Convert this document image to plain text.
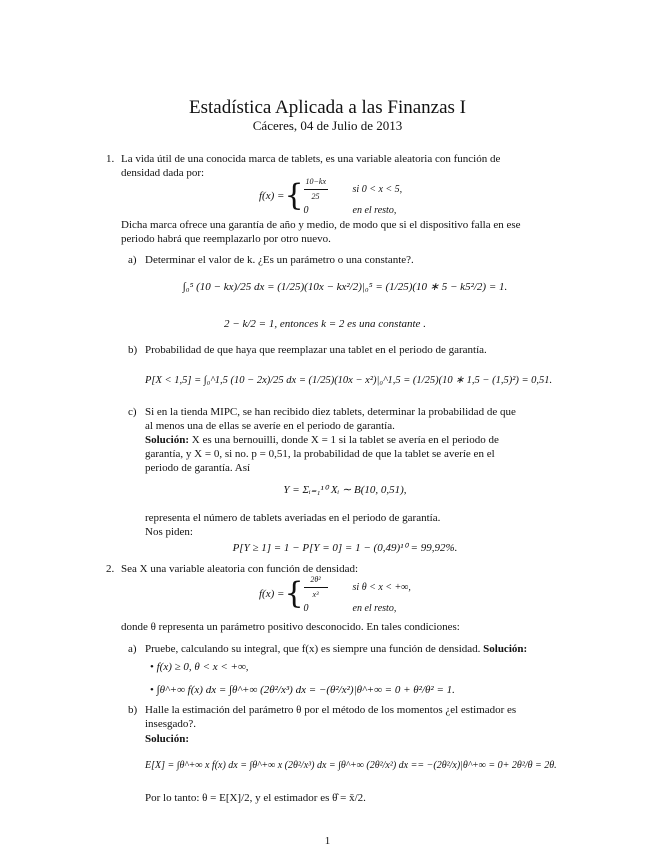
Estadística Aplicada a las Finanzas I
Cáceres, 04 de Julio de 2013
1. La vida útil de una conocida marca de tablets, es una variable aleatoria con función de
densidad dada por:
f(x) = { $\frac{10-kx}{25}$	si 0 < x < 5,
0	en el resto,
Dicha marca ofrece una garantía de año y medio, de modo que si el dispositivo falla en ese
periodo habrá que reemplazarlo por otro nuevo.
a) Determinar el valor de k. ¿Es un parámetro o una constante?.
∫₀⁵ (10 − kx)/25 dx = (1/25)(10x − kx²/2)|₀⁵ = (1/25)(10 ∗ 5 − k5²/2) = 1.
2 − k/2 = 1, entonces k = 2 es una constante .
b) Probabilidad de que haya que reemplazar una tablet en el periodo de garantía.
P[X < 1,5] = ∫₀^1,5 (10 − 2x)/25 dx = (1/25)(10x − x²)|₀^1,5 = (1/25)(10 ∗ 1,5 − (1,5)²) = 0,51.
c) Si en la tienda MIPC, se han recibido diez tablets, determinar la probabilidad de que
al menos una de ellas se averíe en el periodo de garantía.
Solución: X es una bernouilli, donde X = 1 si la tablet se avería en el periodo de
garantía, y X = 0, si no. p = 0,51, la probabilidad de que la tablet se averíe en el
periodo de garantía. Así
Y = Σᵢ₌₁¹⁰ Xᵢ ∼ B(10, 0,51),
representa el número de tablets averiadas en el periodo de garantía.
Nos piden:
P[Y ≥ 1] = 1 − P[Y = 0] = 1 − (0,49)¹⁰ = 99,92%.
2. Sea X una variable aleatoria con función de densidad:
f(x) = { $\frac{\text{2θ²}}{\text{x³}}$	si θ < x < +∞,
0	en el resto,
donde θ representa un parámetro positivo desconocido. En tales condiciones:
a) Pruebe, calculando su integral, que f(x) es siempre una función de densidad. Solución:
• f(x) ≥ 0, θ < x < +∞,
• ∫θ^+∞ f(x) dx = ∫θ^+∞ (2θ²/x³) dx = −(θ²/x²)|θ^+∞ = 0 + θ²/θ² = 1.
b) Halle la estimación del parámetro θ por el método de los momentos ¿el estimador es
insesgado?.
Solución:
E[X] = ∫θ^+∞ x f(x) dx = ∫θ^+∞ x (2θ²/x³) dx = ∫θ^+∞ (2θ²/x²) dx == −(2θ²/x)|θ^+∞ = 0+ 2θ²/θ = 2θ.
Por lo tanto: θ = E[X]/2, y el estimador es θ̂ = x̄/2.
1
